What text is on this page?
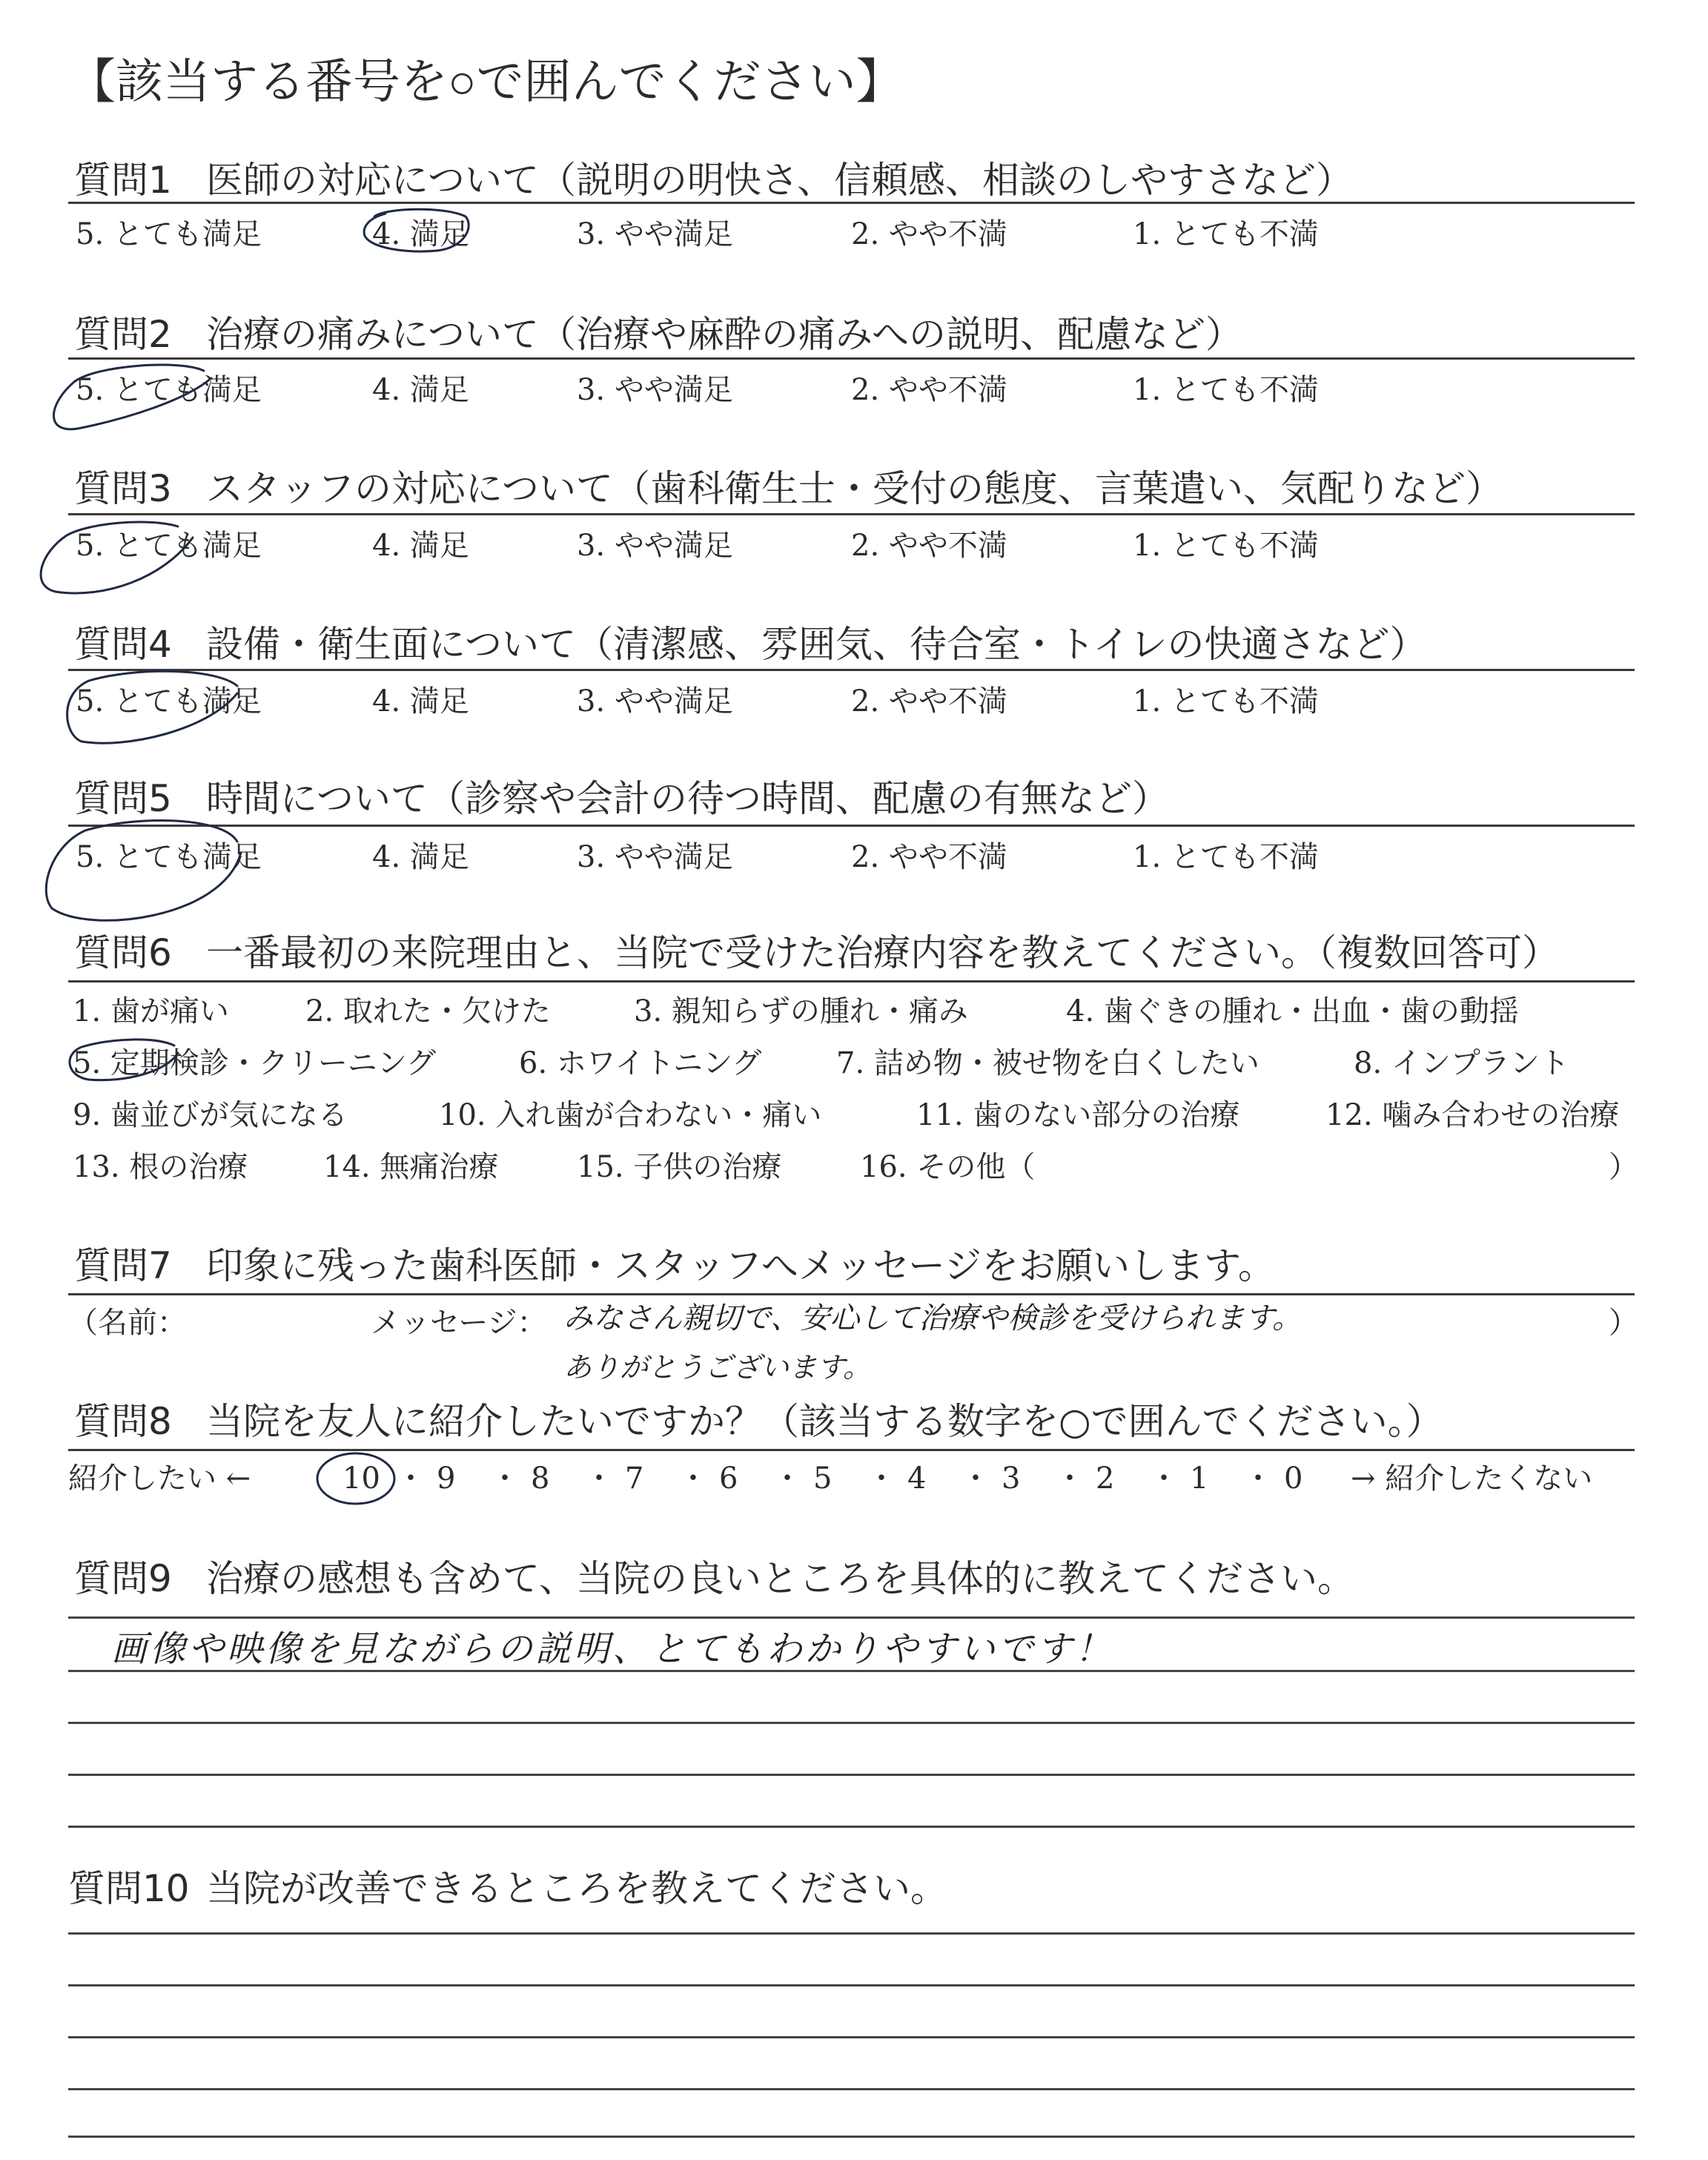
【該当する番号を○で囲んでください】
質問1 医師の対応について（説明の明快さ、信頼感、相談のしやすさなど）
5. とても満足	4. 満足	3. やや満足	2. やや不満	1. とても不満
質問2 治療の痛みについて（治療や麻酔の痛みへの説明、配慮など）
5. とても満足	4. 満足	3. やや満足	2. やや不満	1. とても不満
質問3 スタッフの対応について（歯科衛生士・受付の態度、言葉遣い、気配りなど）
5. とても満足	4. 満足	3. やや満足	2. やや不満	1. とても不満
質問4 設備・衛生面について（清潔感、雰囲気、待合室・トイレの快適さなど）
5. とても満足	4. 満足	3. やや満足	2. やや不満	1. とても不満
質問5 時間について（診察や会計の待つ時間、配慮の有無など）
5. とても満足	4. 満足	3. やや満足	2. やや不満	1. とても不満
質問6 一番最初の来院理由と、当院で受けた治療内容を教えてください。（複数回答可）
1. 歯が痛い	2. 取れた・欠けた	3. 親知らずの腫れ・痛み	4. 歯ぐきの腫れ・出血・歯の動揺
5. 定期検診・クリーニング	6. ホワイトニング	7. 詰め物・被せ物を白くしたい	8. インプラント
9. 歯並びが気になる	10. 入れ歯が合わない・痛い	11. 歯のない部分の治療	12. 噛み合わせの治療
13. 根の治療	14. 無痛治療	15. 子供の治療	16. その他（	）
質問7 印象に残った歯科医師・スタッフへメッセージをお願いします。
（名前：	メッセージ： みなさん親切で、安心して治療や検診を受けられます。	）
ありがとうございます。
質問8 当院を友人に紹介したいですか？（該当する数字を○で囲んでください。）
紹介したい ←	10 ・ 9 ・ 8 ・ 7 ・ 6 ・ 5 ・ 4 ・ 3 ・ 2 ・ 1 ・ 0 → 紹介したくない
質問9 治療の感想も含めて、当院の良いところを具体的に教えてください。
画像や映像を見ながらの説明、とてもわかりやすいです！
質問10 当院が改善できるところを教えてください。
